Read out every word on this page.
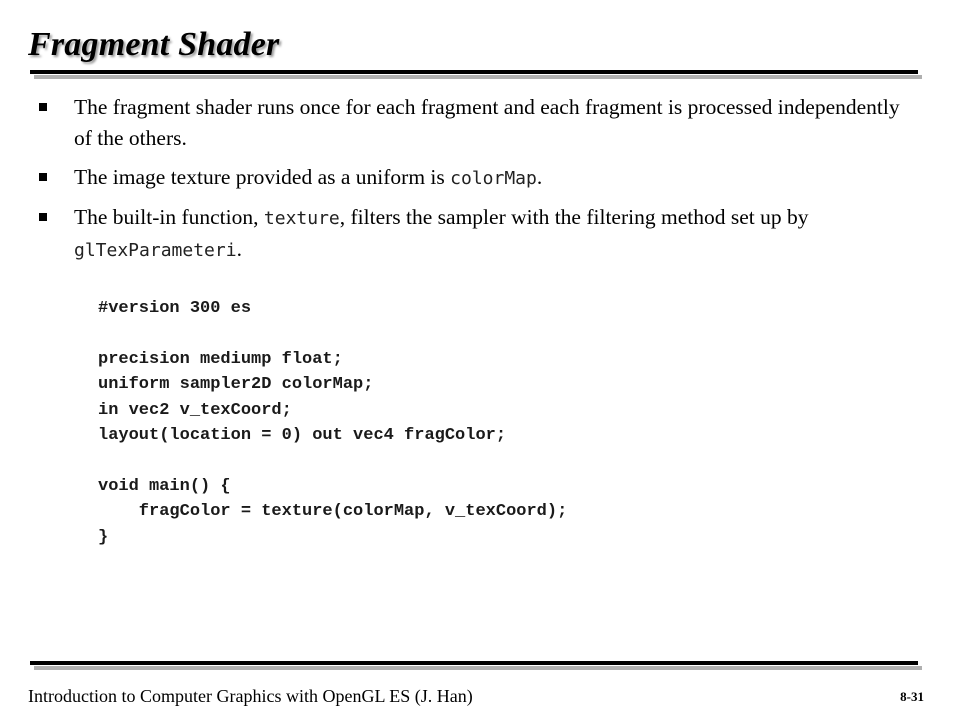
Fragment Shader
The fragment shader runs once for each fragment and each fragment is processed independently of the others.
The image texture provided as a uniform is colorMap.
The built-in function, texture, filters the sampler with the filtering method set up by glTexParameteri.
#version 300 es
precision mediump float;
uniform sampler2D colorMap;
in vec2 v_texCoord;
layout(location = 0) out vec4 fragColor;
void main() {
fragColor = texture(colorMap, v_texCoord);
}
Introduction to Computer Graphics with OpenGL ES (J. Han)	8-31
